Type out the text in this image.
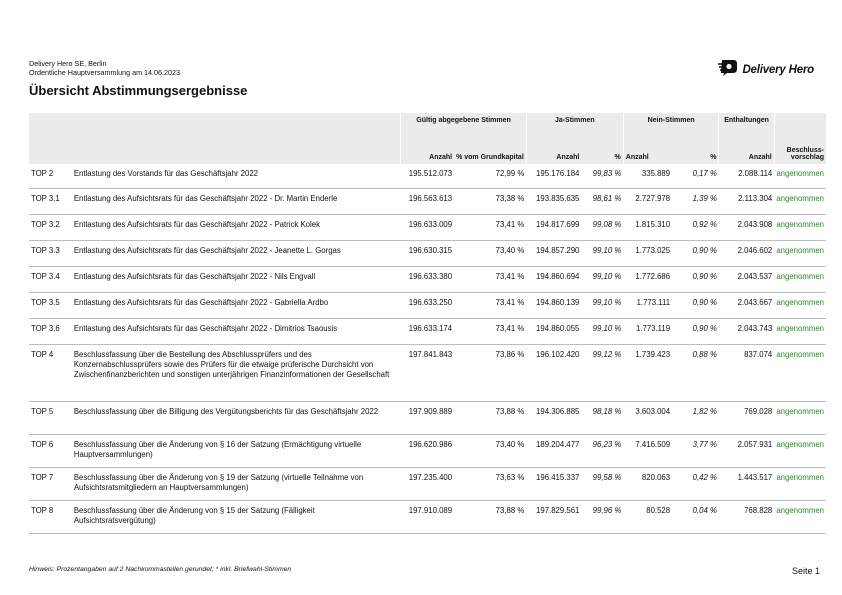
Delivery Hero SE, Berlin
Ordentliche Hauptversammlung am 14.06.2023	Delivery Hero
Übersicht Abstimmungsergebnisse
		Gültig abgegebene Stimmen		Ja-Stimmen		Nein-Stimmen		Enthaltungen	Beschluss-vorschlag
		Anzahl	% vom Grundkapital	Anzahl	%	Anzahl	%	Anzahl	
TOP 2	Entlastung des Vorstands für das Geschäftsjahr 2022	195.512.073	72,99 %	195.176.184	99,83 %	335.889	0,17 %	2.088.114	angenommen
TOP 3.1	Entlastung des Aufsichtsrats für das Geschäftsjahr 2022 - Dr. Martin Enderle	196.563.613	73,38 %	193.835.635	98,61 %	2.727.978	1,39 %	2.113.304	angenommen
TOP 3.2	Entlastung des Aufsichtsrats für das Geschäftsjahr 2022 - Patrick Kolek	196.633.009	73,41 %	194.817.699	99,08 %	1.815.310	0,92 %	2.043.908	angenommen
TOP 3.3	Entlastung des Aufsichtsrats für das Geschäftsjahr 2022 - Jeanette L. Gorgas	196.630.315	73,40 %	194.857.290	99,10 %	1.773.025	0,90 %	2.046.602	angenommen
TOP 3.4	Entlastung des Aufsichtsrats für das Geschäftsjahr 2022 - Nils Engvall	196.633.380	73,41 %	194.860.694	99,10 %	1.772.686	0,90 %	2.043.537	angenommen
TOP 3.5	Entlastung des Aufsichtsrats für das Geschäftsjahr 2022 - Gabriella Ardbo	196.633.250	73,41 %	194.860.139	99,10 %	1.773.111	0,90 %	2.043.667	angenommen
TOP 3.6	Entlastung des Aufsichtsrats für das Geschäftsjahr 2022 - Dimitrios Tsaousis	196.633.174	73,41 %	194.860.055	99,10 %	1.773.119	0,90 %	2.043.743	angenommen
TOP 4	Beschlussfassung über die Bestellung des Abschlussprüfers und des Konzernabschlussprüfers sowie des Prüfers für die etwaige prüferische Durchsicht von Zwischenfinanzberichten und sonstigen unterjährigen Finanzinformationen der Gesellschaft	197.841.843	73,86 %	196.102.420	99,12 %	1.739.423	0,88 %	837.074	angenommen
TOP 5	Beschlussfassung über die Billigung des Vergütungsberichts für das Geschäftsjahr 2022	197.909.889	73,88 %	194.306.885	98,18 %	3.603.004	1,82 %	769.028	angenommen
TOP 6	Beschlussfassung über die Änderung von § 16 der Satzung (Ermächtigung virtuelle Hauptversammlungen)	196.620.986	73,40 %	189.204.477	96,23 %	7.416.509	3,77 %	2.057.931	angenommen
TOP 7	Beschlussfassung über die Änderung von § 19 der Satzung (virtuelle Teilnahme von Aufsichtsratsmitgliedern an Hauptversammlungen)	197.235.400	73,63 %	196.415.337	99,58 %	820.063	0,42 %	1.443.517	angenommen
TOP 8	Beschlussfassung über die Änderung von § 15 der Satzung (Fälligkeit Aufsichtsratsvergütung)	197.910.089	73,88 %	197.829.561	99,96 %	80.528	0,04 %	768.828	angenommen
Hinweis: Prozentangaben auf 2 Nachkommastellen gerundet; * inkl. Briefwahl-Stimmen	Seite 1
